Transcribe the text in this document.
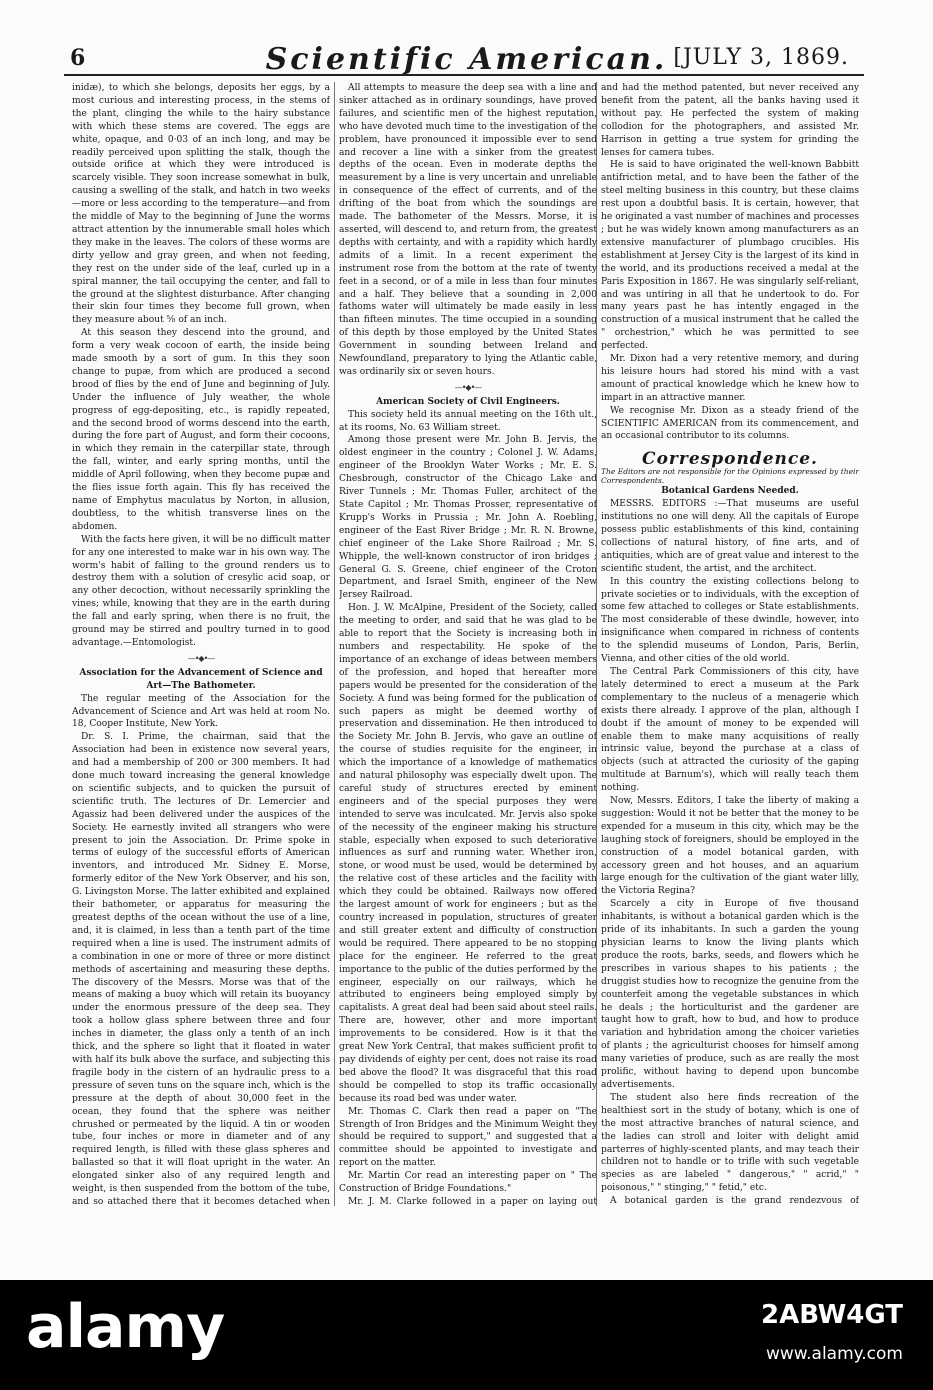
6	Scientific American. [JULY 3, 1869.

inidæ), to which she belongs, deposits her eggs, by a most curious and interesting process, in the stems of the plant, clinging the while to the hairy substance with which these stems are covered. The eggs are white, opaque, and 0·03 of an inch long, and may be readily perceived upon splitting the stalk, though the outside orifice at which they were introduced is scarcely visible. They soon increase somewhat in bulk, causing a swelling of the stalk, and hatch in two weeks—more or less according to the temperature—and from the middle of May to the beginning of June the worms attract attention by the innumerable small holes which they make in the leaves. The colors of these worms are dirty yellow and gray green, and when not feeding, they rest on the under side of the leaf, curled up in a spiral manner, the tail occupying the center, and fall to the ground at the slightest disturbance. After changing their skin four times they become full grown, when they measure about ⅝ of an inch.

At this season they descend into the ground, and form a very weak cocoon of earth, the inside being made smooth by a sort of gum. In this they soon change to pupæ, from which are produced a second brood of flies by the end of June and beginning of July. Under the influence of July weather, the whole progress of egg-depositing, etc., is rapidly repeated, and the second brood of worms descend into the earth, during the fore part of August, and form their cocoons, in which they remain in the caterpillar state, through the fall, winter, and early spring months, until the middle of April following, when they become pupæ and the flies issue forth again. This fly has received the name of Emphytus maculatus by Norton, in allusion, doubtless, to the whitish transverse lines on the abdomen.

With the facts here given, it will be no difficult matter for any one interested to make war in his own way. The worm's habit of falling to the ground renders us to destroy them with a solution of cresylic acid soap, or any other decoction, without necessarily sprinkling the vines; while, knowing that they are in the earth during the fall and early spring, when there is no fruit, the ground may be stirred and poultry turned in to good advantage.—Entomologist.

—•◆•—

Association for the Advancement of Science and Art—The Bathometer.

The regular meeting of the Association for the Advancement of Science and Art was held at room No. 18, Cooper Institute, New York.

Dr. S. I. Prime, the chairman, said that the Association had been in existence now several years, and had a membership of 200 or 300 members. It had done much toward increasing the general knowledge on scientific subjects, and to quicken the pursuit of scientific truth. The lectures of Dr. Lemercier and Agassiz had been delivered under the auspices of the Society. He earnestly invited all strangers who were present to join the Association. Dr. Prime spoke in terms of eulogy of the successful efforts of American inventors, and introduced Mr. Sidney E. Morse, formerly editor of the New York Observer, and his son, G. Livingston Morse. The latter exhibited and explained their bathometer, or apparatus for measuring the greatest depths of the ocean without the use of a line, and, it is claimed, in less than a tenth part of the time required when a line is used. The instrument admits of a combination in one or more of three or more distinct methods of ascertaining and measuring these depths. The discovery of the Messrs. Morse was that of the means of making a buoy which will retain its buoyancy under the enormous pressure of the deep sea. They took a hollow glass sphere between three and four inches in diameter, the glass only a tenth of an inch thick, and the sphere so light that it floated in water with half its bulk above the surface, and subjecting this fragile body in the cistern of an hydraulic press to a pressure of seven tuns on the square inch, which is the pressure at the depth of about 30,000 feet in the ocean, they found that the sphere was neither chrushed or permeated by the liquid. A tin or wooden tube, four inches or more in diameter and of any required length, is filled with these glass spheres and ballasted so that it will float upright in the water. An elongated sinker also of any required length and weight, is then suspended from the bottom of the tube, and so attached there that it becomes detached when

All attempts to measure the deep sea with a line and sinker attached as in ordinary soundings, have proved failures, and scientific men of the highest reputation, who have devoted much time to the investigation of the problem, have pronounced it impossible ever to send and recover a line with a sinker from the greatest depths of the ocean. Even in moderate depths the measurement by a line is very uncertain and unreliable in consequence of the effect of currents, and of the drifting of the boat from which the soundings are made. The bathometer of the Messrs. Morse, it is asserted, will descend to, and return from, the greatest depths with certainty, and with a rapidity which hardly admits of a limit. In a recent experiment the instrument rose from the bottom at the rate of twenty feet in a second, or of a mile in less than four minutes and a half. They believe that a sounding in 2,000 fathoms water will ultimately be made easily in less than fifteen minutes. The time occupied in a sounding of this depth by those employed by the United States Government in sounding between Ireland and Newfoundland, preparatory to lying the Atlantic cable, was ordinarily six or seven hours.

—•◆•—

American Society of Civil Engineers.

This society held its annual meeting on the 16th ult., at its rooms, No. 63 William street.

Among those present were Mr. John B. Jervis, the oldest engineer in the country ; Colonel J. W. Adams, engineer of the Brooklyn Water Works ; Mr. E. S. Chesbrough, constructor of the Chicago Lake and River Tunnels ; Mr. Thomas Fuller, architect of the State Capitol ; Mr. Thomas Prosser, representative of Krupp's Works in Prussia ; Mr. John A. Roebling, engineer of the East River Bridge ; Mr. R. N. Browne, chief engineer of the Lake Shore Railroad ; Mr. S. Whipple, the well-known constructor of iron bridges ; General G. S. Greene, chief engineer of the Croton Department, and Israel Smith, engineer of the New Jersey Railroad.

Hon. J. W. McAlpine, President of the Society, called the meeting to order, and said that he was glad to be able to report that the Society is increasing both in numbers and respectability. He spoke of the importance of an exchange of ideas between members of the profession, and hoped that hereafter more papers would be presented for the consideration of the Society. A fund was being formed for the publication of such papers as might be deemed worthy of preservation and dissemination. He then introduced to the Society Mr. John B. Jervis, who gave an outline of the course of studies requisite for the engineer, in which the importance of a knowledge of mathematics and natural philosophy was especially dwelt upon. The careful study of structures erected by eminent engineers and of the special purposes they were intended to serve was inculcated. Mr. Jervis also spoke of the necessity of the engineer making his structure stable, especially when exposed to such deteriorative influences as surf and running water. Whether iron, stone, or wood must be used, would be determined by the relative cost of these articles and the facility with which they could be obtained. Railways now offered the largest amount of work for engineers ; but as the country increased in population, structures of greater and still greater extent and difficulty of construction would be required. There appeared to be no stopping place for the engineer. He referred to the great importance to the public of the duties performed by the engineer, especially on our railways, which he attributed to engineers being employed simply by capitalists. A great deal had been said about steel rails. There are, however, other and more important improvements to be considered. How is it that the great New York Central, that makes sufficient profit to pay dividends of eighty per cent, does not raise its road bed above the flood? It was disgraceful that this road should be compelled to stop its traffic occasionally because its road bed was under water.

Mr. Thomas C. Clark then read a paper on "The Strength of Iron Bridges and the Minimum Weight they should be required to support," and suggested that a committee should be appointed to investigate and report on the matter.

Mr. Martin Cor read an interesting paper on " The Construction of Bridge Foundations."

Mr. J. M. Clarke followed in a paper on laying out

and had the method patented, but never received any benefit from the patent, all the banks having used it without pay. He perfected the system of making collodion for the photographers, and assisted Mr. Harrison in getting a true system for grinding the lenses for camera tubes.

He is said to have originated the well-known Babbitt antifriction metal, and to have been the father of the steel melting business in this country, but these claims rest upon a doubtful basis. It is certain, however, that he originated a vast number of machines and processes ; but he was widely known among manufacturers as an extensive manufacturer of plumbago crucibles. His establishment at Jersey City is the largest of its kind in the world, and its productions received a medal at the Paris Exposition in 1867. He was singularly self-reliant, and was untiring in all that he undertook to do. For many years past he has intently engaged in the construction of a musical instrument that he called the " orchestrion," which he was permitted to see perfected.

Mr. Dixon had a very retentive memory, and during his leisure hours had stored his mind with a vast amount of practical knowledge which he knew how to impart in an attractive manner.

We recognise Mr. Dixon as a steady friend of the SCIENTIFIC AMERICAN from its commencement, and an occasional contributor to its columns.

Correspondence.

The Editors are not responsible for the Opinions expressed by their Correspondents.

Botanical Gardens Needed.

MESSRS. EDITORS :—That museums are useful institutions no one will deny. All the capitals of Europe possess public establishments of this kind, containing collections of natural history, of fine arts, and of antiquities, which are of great value and interest to the scientific student, the artist, and the architect.

In this country the existing collections belong to private societies or to individuals, with the exception of some few attached to colleges or State establishments. The most considerable of these dwindle, however, into insignificance when compared in richness of contents to the splendid museums of London, Paris, Berlin, Vienna, and other cities of the old world.

The Central Park Commissioners of this city, have lately determined to erect a museum at the Park complementary to the nucleus of a menagerie which exists there already. I approve of the plan, although I doubt if the amount of money to be expended will enable them to make many acquisitions of really intrinsic value, beyond the purchase at a class of objects (such at attracted the curiosity of the gaping multitude at Barnum's), which will really teach them nothing.

Now, Messrs. Editors, I take the liberty of making a suggestion: Would it not be better that the money to be expended for a museum in this city, which may be the laughing stock of foreigners, should be employed in the construction of a model botanical garden, with accessory green and hot houses, and an aquarium large enough for the cultivation of the giant water lilly, the Victoria Regina?

Scarcely a city in Europe of five thousand inhabitants, is without a botanical garden which is the pride of its inhabitants. In such a garden the young physician learns to know the living plants which produce the roots, barks, seeds, and flowers which he prescribes in various shapes to his patients ; the druggist studies how to recognize the genuine from the counterfeit among the vegetable substances in which he deals ; the horticulturist and the gardener are taught how to graft, how to bud, and how to produce variation and hybridation among the choicer varieties of plants ; the agriculturist chooses for himself among many varieties of produce, such as are really the most prolific, without having to depend upon buncombe advertisements.

The student also here finds recreation of the healthiest sort in the study of botany, which is one of the most attractive branches of natural science, and the ladies can stroll and loiter with delight amid parterres of highly-scented plants, and may teach their children not to handle or to trifle with such vegetable species as are labeled " dangerous," " acrid," " poisonous," " stinging," " fetid," etc.

A botanical garden is the grand rendezvous of

alamy	2ABW4GT
www.alamy.com
